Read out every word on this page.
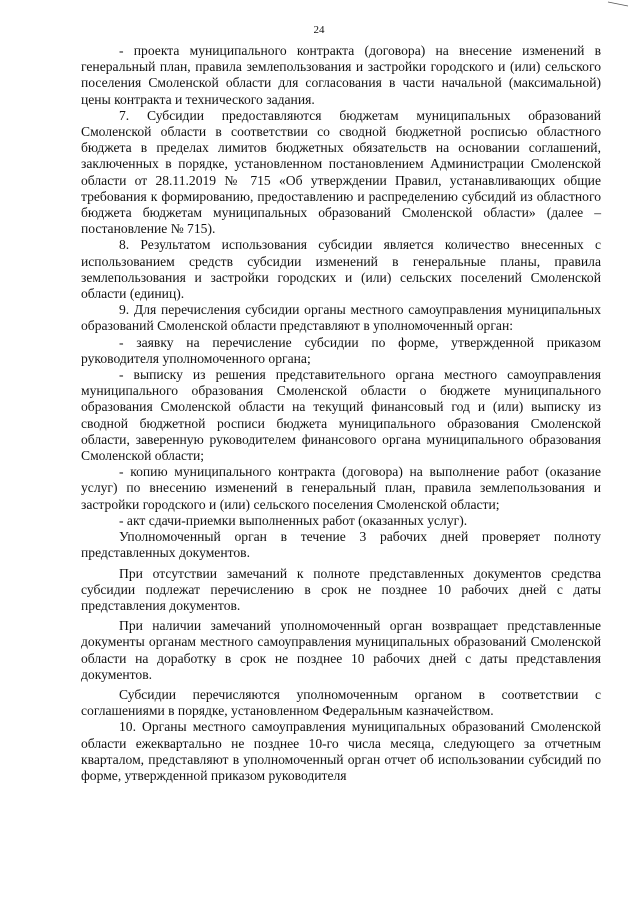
24

- проекта муниципального контракта (договора) на внесение изменений в генеральный план, правила землепользования и застройки городского и (или) сельского поселения Смоленской области для согласования в части начальной (максимальной) цены контракта и технического задания.

7. Субсидии предоставляются бюджетам муниципальных образований Смоленской области в соответствии со сводной бюджетной росписью областного бюджета в пределах лимитов бюджетных обязательств на основании соглашений, заключенных в порядке, установленном постановлением Администрации Смоленской области от 28.11.2019 № 715 «Об утверждении Правил, устанавливающих общие требования к формированию, предоставлению и распределению субсидий из областного бюджета бюджетам муниципальных образований Смоленской области» (далее – постановление № 715).

8. Результатом использования субсидии является количество внесенных с использованием средств субсидии изменений в генеральные планы, правила землепользования и застройки городских и (или) сельских поселений Смоленской области (единиц).

9. Для перечисления субсидии органы местного самоуправления муниципальных образований Смоленской области представляют в уполномоченный орган:

- заявку на перечисление субсидии по форме, утвержденной приказом руководителя уполномоченного органа;

- выписку из решения представительного органа местного самоуправления муниципального образования Смоленской области о бюджете муниципального образования Смоленской области на текущий финансовый год и (или) выписку из сводной бюджетной росписи бюджета муниципального образования Смоленской области, заверенную руководителем финансового органа муниципального образования Смоленской области;

- копию муниципального контракта (договора) на выполнение работ (оказание услуг) по внесению изменений в генеральный план, правила землепользования и застройки городского и (или) сельского поселения Смоленской области;

- акт сдачи-приемки выполненных работ (оказанных услуг).

Уполномоченный орган в течение 3 рабочих дней проверяет полноту представленных документов.

При отсутствии замечаний к полноте представленных документов средства субсидии подлежат перечислению в срок не позднее 10 рабочих дней с даты представления документов.

При наличии замечаний уполномоченный орган возвращает представленные документы органам местного самоуправления муниципальных образований Смоленской области на доработку в срок не позднее 10 рабочих дней с даты представления документов.

Субсидии перечисляются уполномоченным органом в соответствии с соглашениями в порядке, установленном Федеральным казначейством.

10. Органы местного самоуправления муниципальных образований Смоленской области ежеквартально не позднее 10-го числа месяца, следующего за отчетным кварталом, представляют в уполномоченный орган отчет об использовании субсидий по форме, утвержденной приказом руководителя
